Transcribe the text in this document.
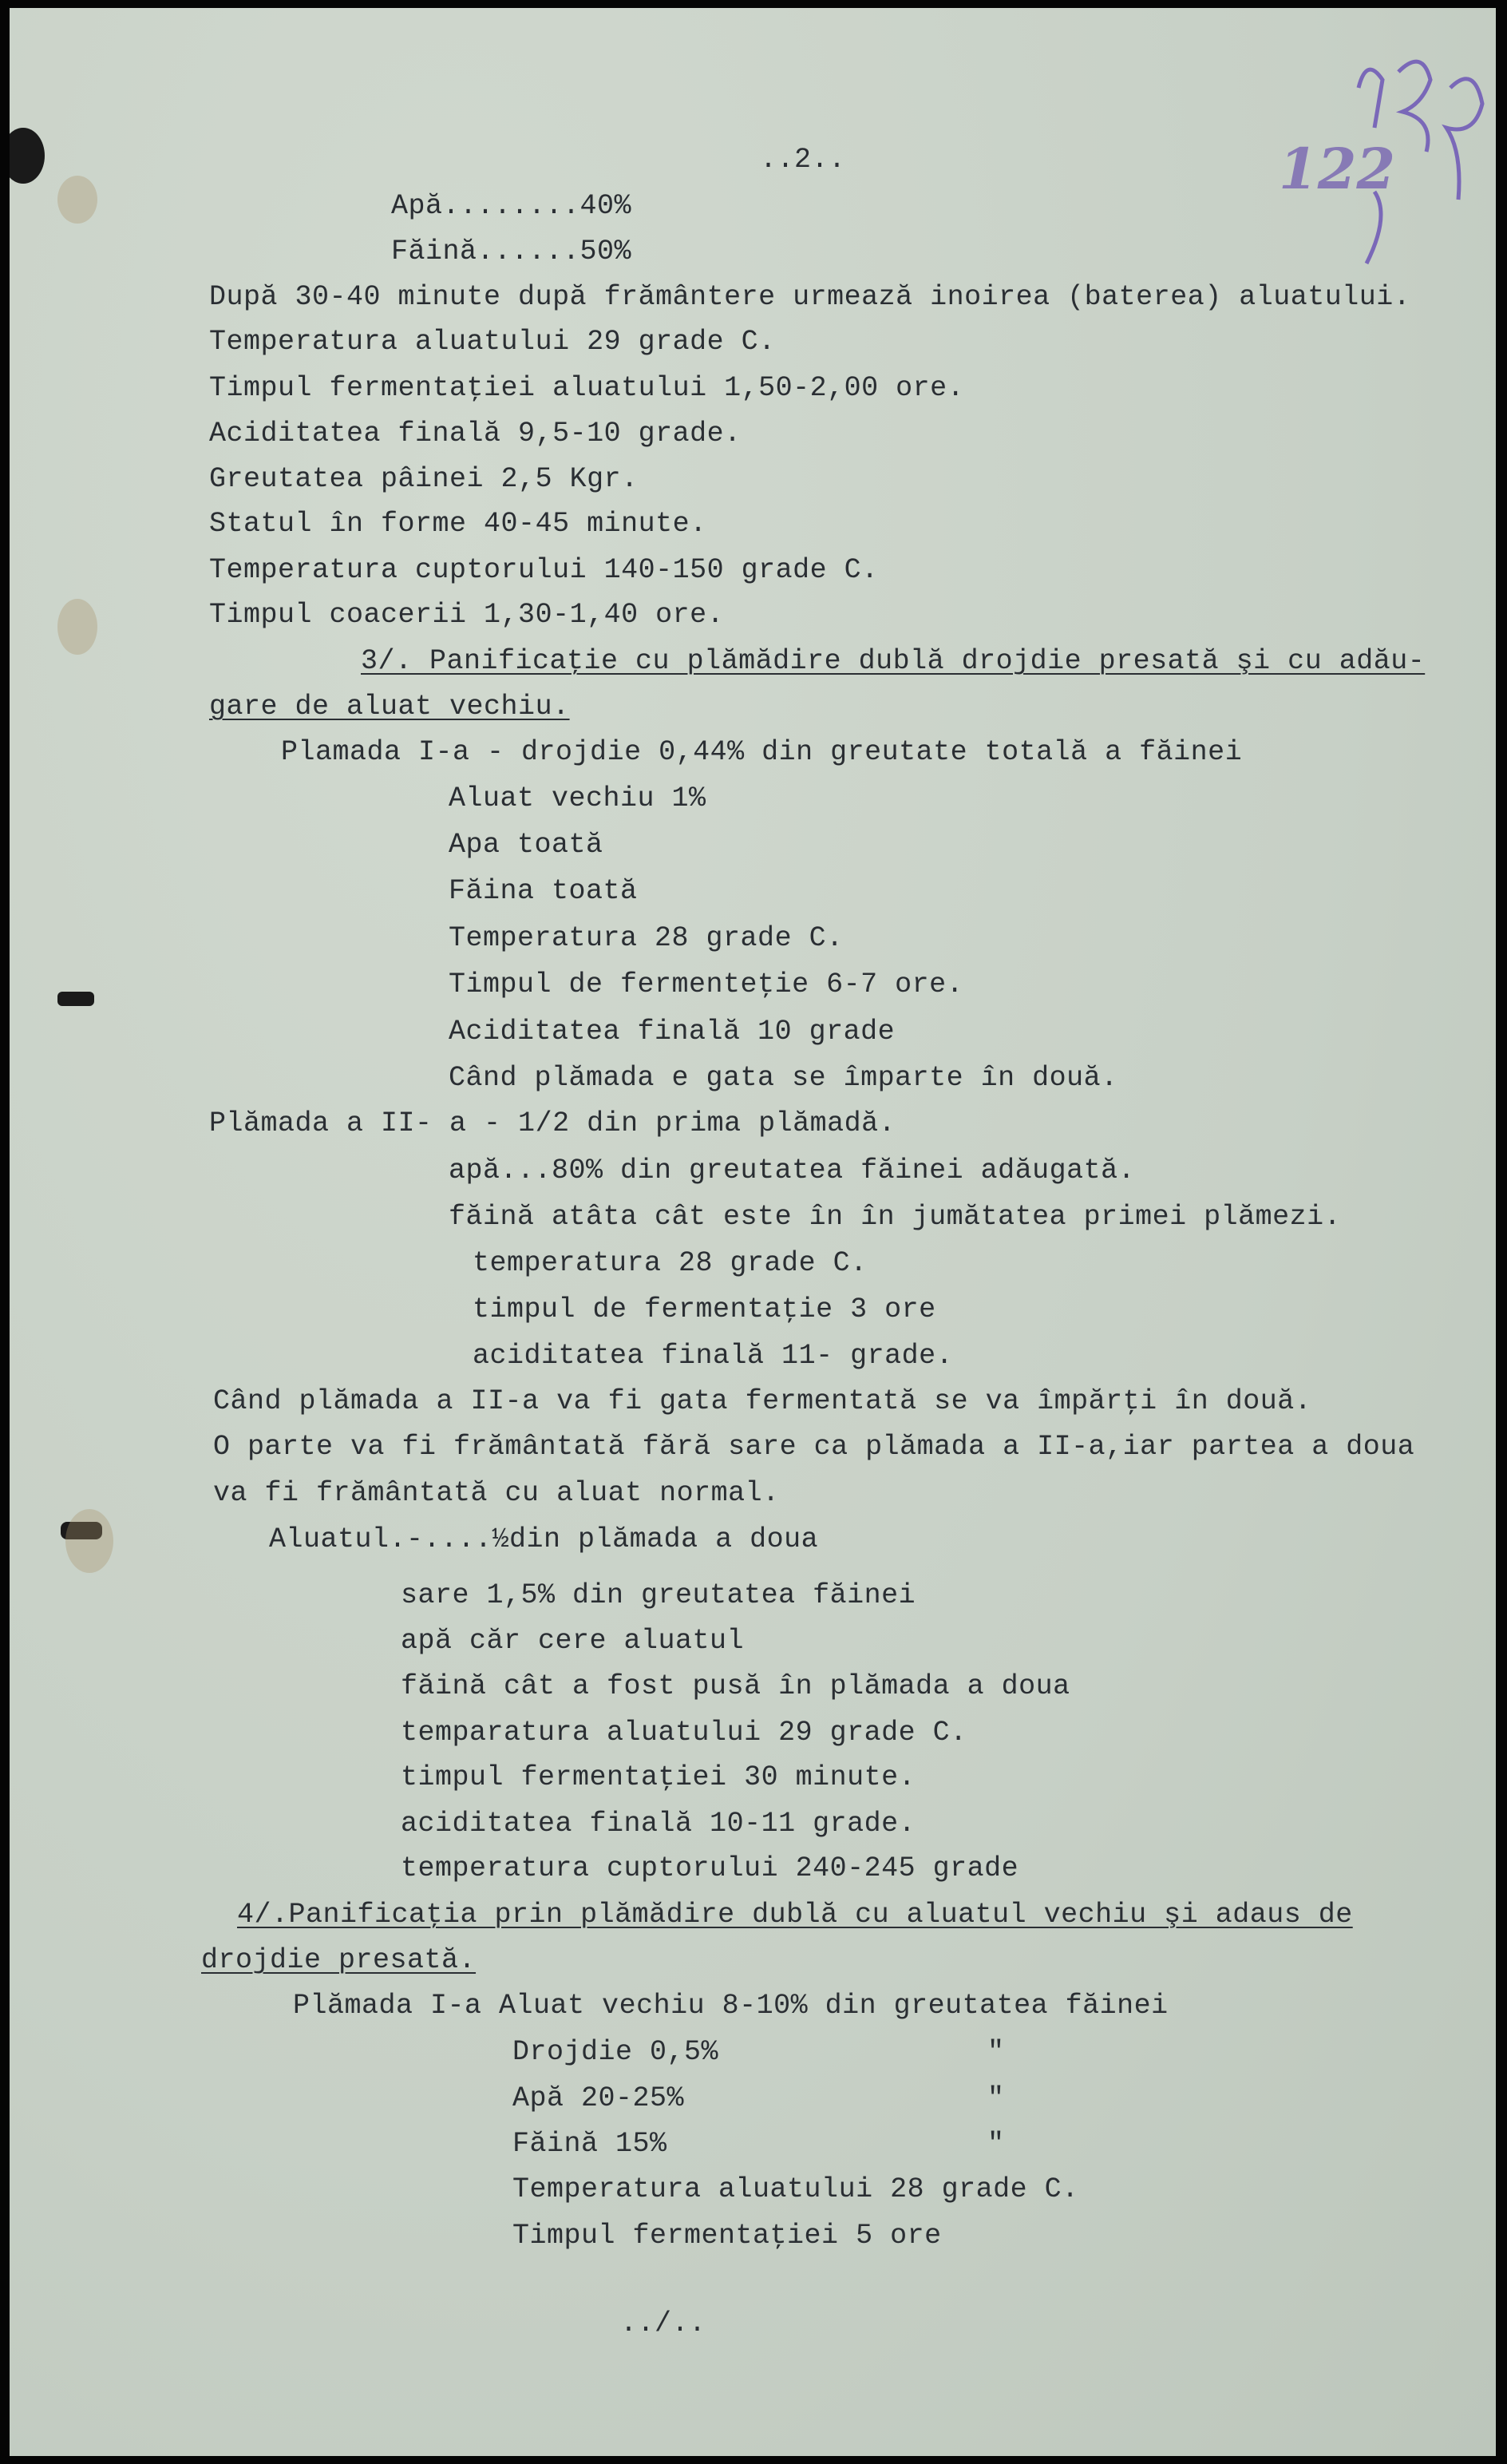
122
..2..
Apă........40%
Făină......50%
După 30-40 minute după frământere urmează inoirea (baterea) aluatului.
Temperatura aluatului 29 grade C.
Timpul fermentaţiei aluatului 1,50-2,00 ore.
Aciditatea finală 9,5-10 grade.
Greutatea pâinei 2,5 Kgr.
Statul în forme 40-45 minute.
Temperatura cuptorului 140-150 grade C.
Timpul coacerii 1,30-1,40 ore.
3/. Panificaţie cu plămădire dublă drojdie presată şi cu adău-
gare de aluat vechiu.
Plamada I-a - drojdie 0,44% din greutate totală a făinei
Aluat vechiu 1%
Apa toată
Făina toată
Temperatura 28 grade C.
Timpul de fermenteţie 6-7 ore.
Aciditatea finală 10 grade
Când plămada e gata se împarte în două.
Plămada a II- a - 1/2 din prima plămadă.
apă...80% din greutatea făinei adăugată.
făină atâta cât este în în jumătatea primei plămezi.
temperatura 28 grade C.
timpul de fermentaţie 3 ore
aciditatea finală 11- grade.
Când plămada a II-a va fi gata fermentată se va împărţi în două.
O parte va fi frământată fără sare ca plămada a II-a,iar partea a doua
va fi frământată cu aluat normal.
Aluatul.-....½din plămada a doua
sare 1,5% din greutatea făinei
apă căr cere aluatul
făină cât a fost pusă în plămada a doua
temparatura aluatului 29 grade C.
timpul fermentaţiei 30 minute.
aciditatea finală 10-11 grade.
temperatura cuptorului 240-245 grade
4/.Panificaţia prin plămădire dublă cu aluatul vechiu şi adaus de
drojdie presată.
Plămada I-a Aluat vechiu 8-10% din greutatea făinei
Drojdie 0,5%
Apă 20-25%
Făină 15%
Temperatura aluatului 28 grade C.
Timpul fermentaţiei 5 ore
"
"
"
../..
